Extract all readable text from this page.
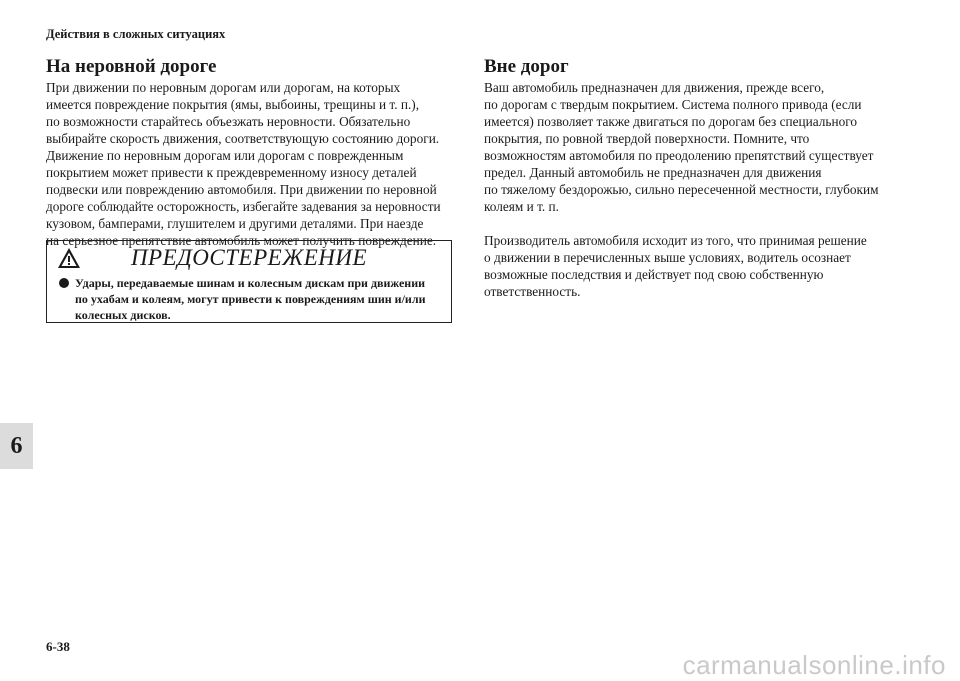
Действия в сложных ситуациях
6
На неровной дороге

При движении по неровным дорогам или дорогам, на которых
имеется повреждение покрытия (ямы, выбоины, трещины и т. п.),
по возможности старайтесь объезжать неровности. Обязательно
выбирайте скорость движения, соответствующую состоянию дороги.
Движение по неровным дорогам или дорогам с поврежденным
покрытием может привести к преждевременному износу деталей
подвески или повреждению автомобиля. При движении по неровной
дороге соблюдайте осторожность, избегайте задевания за неровности
кузовом, бамперами, глушителем и другими деталями. При наезде
на серьезное препятствие автомобиль может получить повреждение.

ПРЕДОСТЕРЕЖЕНИЕ
Удары, передаваемые шинам и колесным дискам при движении
по ухабам и колеям, могут привести к повреждениям шин и/или
колесных дисков.
Вне дорог

Ваш автомобиль предназначен для движения, прежде всего,
по дорогам с твердым покрытием. Система полного привода (если
имеется) позволяет также двигаться по дорогам без специального
покрытия, по ровной твердой поверхности. Помните, что
возможностям автомобиля по преодолению препятствий существует
предел. Данный автомобиль не предназначен для движения
по тяжелому бездорожью, сильно пересеченной местности, глубоким
колеям и т. п.

Производитель автомобиля исходит из того, что принимая решение
о движении в перечисленных выше условиях, водитель осознает
возможные последствия и действует под свою собственную
ответственность.

6-38
carmanualsonline.info
